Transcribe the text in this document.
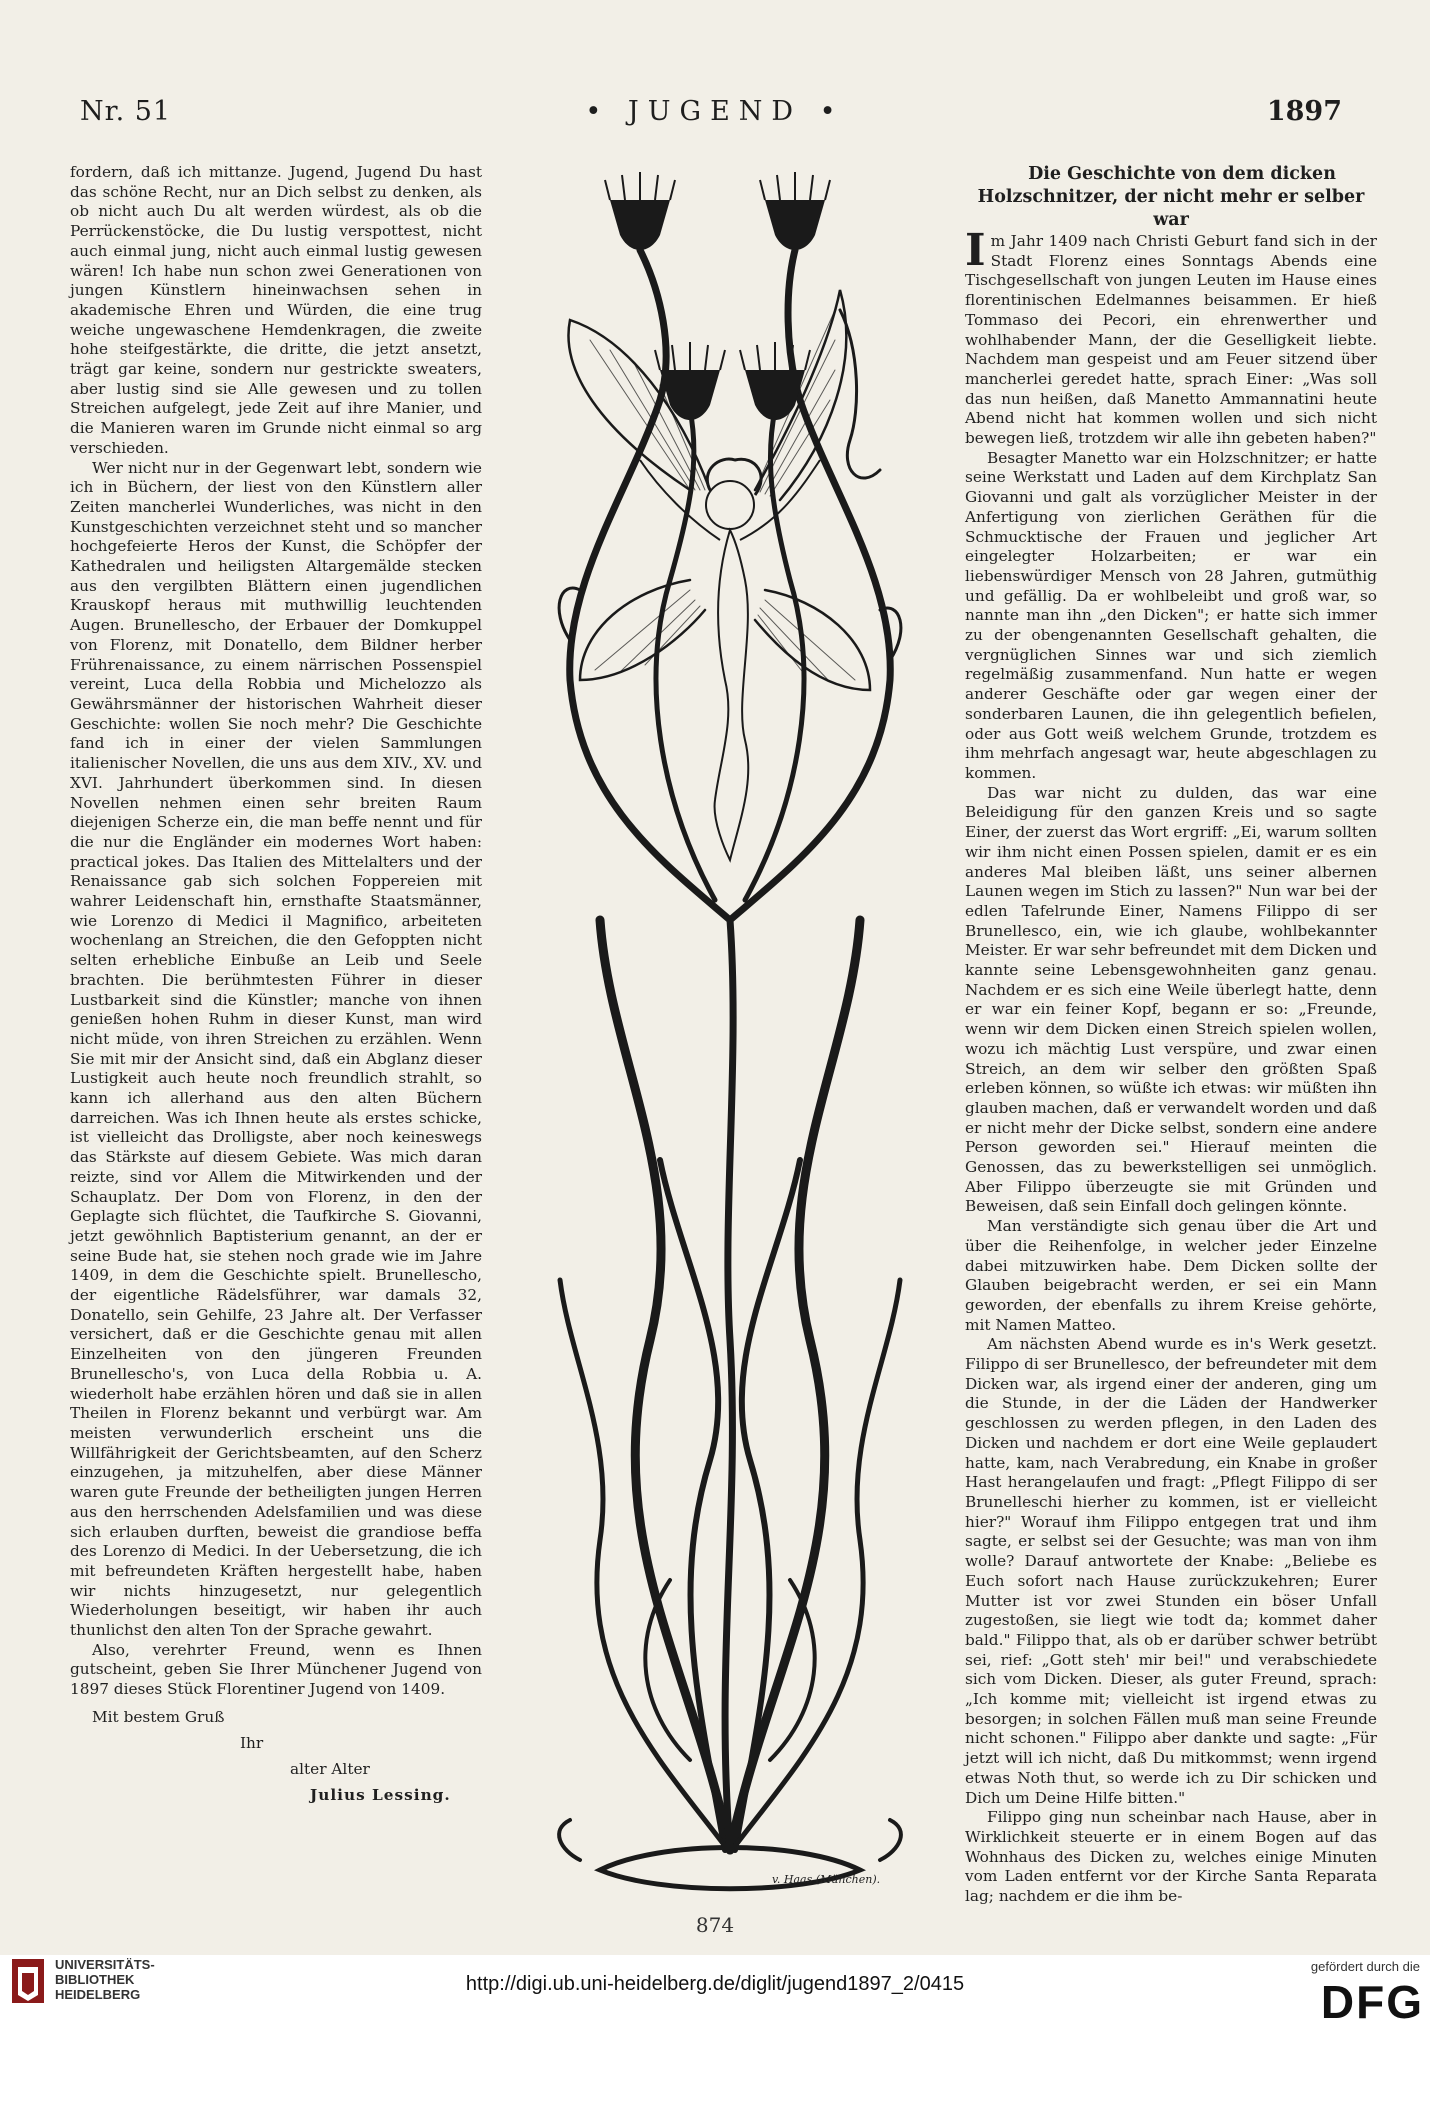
Nr. 51	• JUGEND •	1897

fordern, daß ich mittanze. Jugend, Jugend Du hast das schöne Recht, nur an Dich selbst zu denken, als ob nicht auch Du alt werden würdest, als ob die Perrückenstöcke, die Du lustig verspottest, nicht auch einmal jung, nicht auch einmal lustig gewesen wären! Ich habe nun schon zwei Generationen von jungen Künstlern hineinwachsen sehen in akademische Ehren und Würden, die eine trug weiche ungewaschene Hemdenkragen, die zweite hohe steifgestärkte, die dritte, die jetzt ansetzt, trägt gar keine, sondern nur gestrickte sweaters, aber lustig sind sie Alle gewesen und zu tollen Streichen aufgelegt, jede Zeit auf ihre Manier, und die Manieren waren im Grunde nicht einmal so arg verschieden.

Wer nicht nur in der Gegenwart lebt, sondern wie ich in Büchern, der liest von den Künstlern aller Zeiten mancherlei Wunderliches, was nicht in den Kunstgeschichten verzeichnet steht und so mancher hochgefeierte Heros der Kunst, die Schöpfer der Kathedralen und heiligsten Altargemälde stecken aus den vergilbten Blättern einen jugendlichen Krauskopf heraus mit muthwillig leuchtenden Augen. Brunellescho, der Erbauer der Domkuppel von Florenz, mit Donatello, dem Bildner herber Frührenaissance, zu einem närrischen Possenspiel vereint, Luca della Robbia und Michelozzo als Gewährsmänner der historischen Wahrheit dieser Geschichte: wollen Sie noch mehr? Die Geschichte fand ich in einer der vielen Sammlungen italienischer Novellen, die uns aus dem XIV., XV. und XVI. Jahrhundert überkommen sind. In diesen Novellen nehmen einen sehr breiten Raum diejenigen Scherze ein, die man beffe nennt und für die nur die Engländer ein modernes Wort haben: practical jokes. Das Italien des Mittelalters und der Renaissance gab sich solchen Foppereien mit wahrer Leidenschaft hin, ernsthafte Staatsmänner, wie Lorenzo di Medici il Magnifico, arbeiteten wochenlang an Streichen, die den Gefoppten nicht selten erhebliche Einbuße an Leib und Seele brachten. Die berühmtesten Führer in dieser Lustbarkeit sind die Künstler; manche von ihnen genießen hohen Ruhm in dieser Kunst, man wird nicht müde, von ihren Streichen zu erzählen. Wenn Sie mit mir der Ansicht sind, daß ein Abglanz dieser Lustigkeit auch heute noch freundlich strahlt, so kann ich allerhand aus den alten Büchern darreichen. Was ich Ihnen heute als erstes schicke, ist vielleicht das Drolligste, aber noch keineswegs das Stärkste auf diesem Gebiete. Was mich daran reizte, sind vor Allem die Mitwirkenden und der Schauplatz. Der Dom von Florenz, in den der Geplagte sich flüchtet, die Taufkirche S. Giovanni, jetzt gewöhnlich Baptisterium genannt, an der er seine Bude hat, sie stehen noch grade wie im Jahre 1409, in dem die Geschichte spielt. Brunellescho, der eigentliche Rädelsführer, war damals 32, Donatello, sein Gehilfe, 23 Jahre alt. Der Verfasser versichert, daß er die Geschichte genau mit allen Einzelheiten von den jüngeren Freunden Brunellescho's, von Luca della Robbia u. A. wiederholt habe erzählen hören und daß sie in allen Theilen in Florenz bekannt und verbürgt war. Am meisten verwunderlich erscheint uns die Willfährigkeit der Gerichtsbeamten, auf den Scherz einzugehen, ja mitzuhelfen, aber diese Männer waren gute Freunde der betheiligten jungen Herren aus den herrschenden Adelsfamilien und was diese sich erlauben durften, beweist die grandiose beffa des Lorenzo di Medici. In der Uebersetzung, die ich mit befreundeten Kräften hergestellt habe, haben wir nichts hinzugesetzt, nur gelegentlich Wiederholungen beseitigt, wir haben ihr auch thunlichst den alten Ton der Sprache gewahrt.

Also, verehrter Freund, wenn es Ihnen gutscheint, geben Sie Ihrer Münchener Jugend von 1897 dieses Stück Florentiner Jugend von 1409.

Mit bestem Gruß
Ihr
alter Alter
Julius Lessing.

Die Geschichte von dem dicken Holzschnitzer, der nicht mehr er selber war

Im Jahr 1409 nach Christi Geburt fand sich in der Stadt Florenz eines Sonntags Abends eine Tischgesellschaft von jungen Leuten im Hause eines florentinischen Edelmannes beisammen. Er hieß Tommaso dei Pecori, ein ehrenwerther und wohlhabender Mann, der die Geselligkeit liebte. Nachdem man gespeist und am Feuer sitzend über mancherlei geredet hatte, sprach Einer: „Was soll das nun heißen, daß Manetto Ammannatini heute Abend nicht hat kommen wollen und sich nicht bewegen ließ, trotzdem wir alle ihn gebeten haben?"

Besagter Manetto war ein Holzschnitzer; er hatte seine Werkstatt und Laden auf dem Kirchplatz San Giovanni und galt als vorzüglicher Meister in der Anfertigung von zierlichen Geräthen für die Schmucktische der Frauen und jeglicher Art eingelegter Holzarbeiten; er war ein liebenswürdiger Mensch von 28 Jahren, gutmüthig und gefällig. Da er wohlbeleibt und groß war, so nannte man ihn „den Dicken"; er hatte sich immer zu der obengenannten Gesellschaft gehalten, die vergnüglichen Sinnes war und sich ziemlich regelmäßig zusammenfand. Nun hatte er wegen anderer Geschäfte oder gar wegen einer der sonderbaren Launen, die ihn gelegentlich befielen, oder aus Gott weiß welchem Grunde, trotzdem es ihm mehrfach angesagt war, heute abgeschlagen zu kommen.

Das war nicht zu dulden, das war eine Beleidigung für den ganzen Kreis und so sagte Einer, der zuerst das Wort ergriff: „Ei, warum sollten wir ihm nicht einen Possen spielen, damit er es ein anderes Mal bleiben läßt, uns seiner albernen Launen wegen im Stich zu lassen?" Nun war bei der edlen Tafelrunde Einer, Namens Filippo di ser Brunellesco, ein, wie ich glaube, wohlbekannter Meister. Er war sehr befreundet mit dem Dicken und kannte seine Lebensgewohnheiten ganz genau. Nachdem er es sich eine Weile überlegt hatte, denn er war ein feiner Kopf, begann er so: „Freunde, wenn wir dem Dicken einen Streich spielen wollen, wozu ich mächtig Lust verspüre, und zwar einen Streich, an dem wir selber den größten Spaß erleben können, so wüßte ich etwas: wir müßten ihn glauben machen, daß er verwandelt worden und daß er nicht mehr der Dicke selbst, sondern eine andere Person geworden sei." Hierauf meinten die Genossen, das zu bewerkstelligen sei unmöglich. Aber Filippo überzeugte sie mit Gründen und Beweisen, daß sein Einfall doch gelingen könnte.

Man verständigte sich genau über die Art und über die Reihenfolge, in welcher jeder Einzelne dabei mitzuwirken habe. Dem Dicken sollte der Glauben beigebracht werden, er sei ein Mann geworden, der ebenfalls zu ihrem Kreise gehörte, mit Namen Matteo.

Am nächsten Abend wurde es in's Werk gesetzt. Filippo di ser Brunellesco, der befreundeter mit dem Dicken war, als irgend einer der anderen, ging um die Stunde, in der die Läden der Handwerker geschlossen zu werden pflegen, in den Laden des Dicken und nachdem er dort eine Weile geplaudert hatte, kam, nach Verabredung, ein Knabe in großer Hast herangelaufen und fragt: „Pflegt Filippo di ser Brunelleschi hierher zu kommen, ist er vielleicht hier?" Worauf ihm Filippo entgegen trat und ihm sagte, er selbst sei der Gesuchte; was man von ihm wolle? Darauf antwortete der Knabe: „Beliebe es Euch sofort nach Hause zurückzukehren; Eurer Mutter ist vor zwei Stunden ein böser Unfall zugestoßen, sie liegt wie todt da; kommet daher bald." Filippo that, als ob er darüber schwer betrübt sei, rief: „Gott steh' mir bei!" und verabschiedete sich vom Dicken. Dieser, als guter Freund, sprach: „Ich komme mit; vielleicht ist irgend etwas zu besorgen; in solchen Fällen muß man seine Freunde nicht schonen." Filippo aber dankte und sagte: „Für jetzt will ich nicht, daß Du mitkommst; wenn irgend etwas Noth thut, so werde ich zu Dir schicken und Dich um Deine Hilfe bitten."

Filippo ging nun scheinbar nach Hause, aber in Wirklichkeit steuerte er in einem Bogen auf das Wohnhaus des Dicken zu, welches einige Minuten vom Laden entfernt vor der Kirche Santa Reparata lag; nachdem er die ihm be-

v. Haas (München).
874
UNIVERSITÄTS-
BIBLIOTHEK
HEIDELBERG	http://digi.ub.uni-heidelberg.de/diglit/jugend1897_2/0415
gefördert durch die
DFG
